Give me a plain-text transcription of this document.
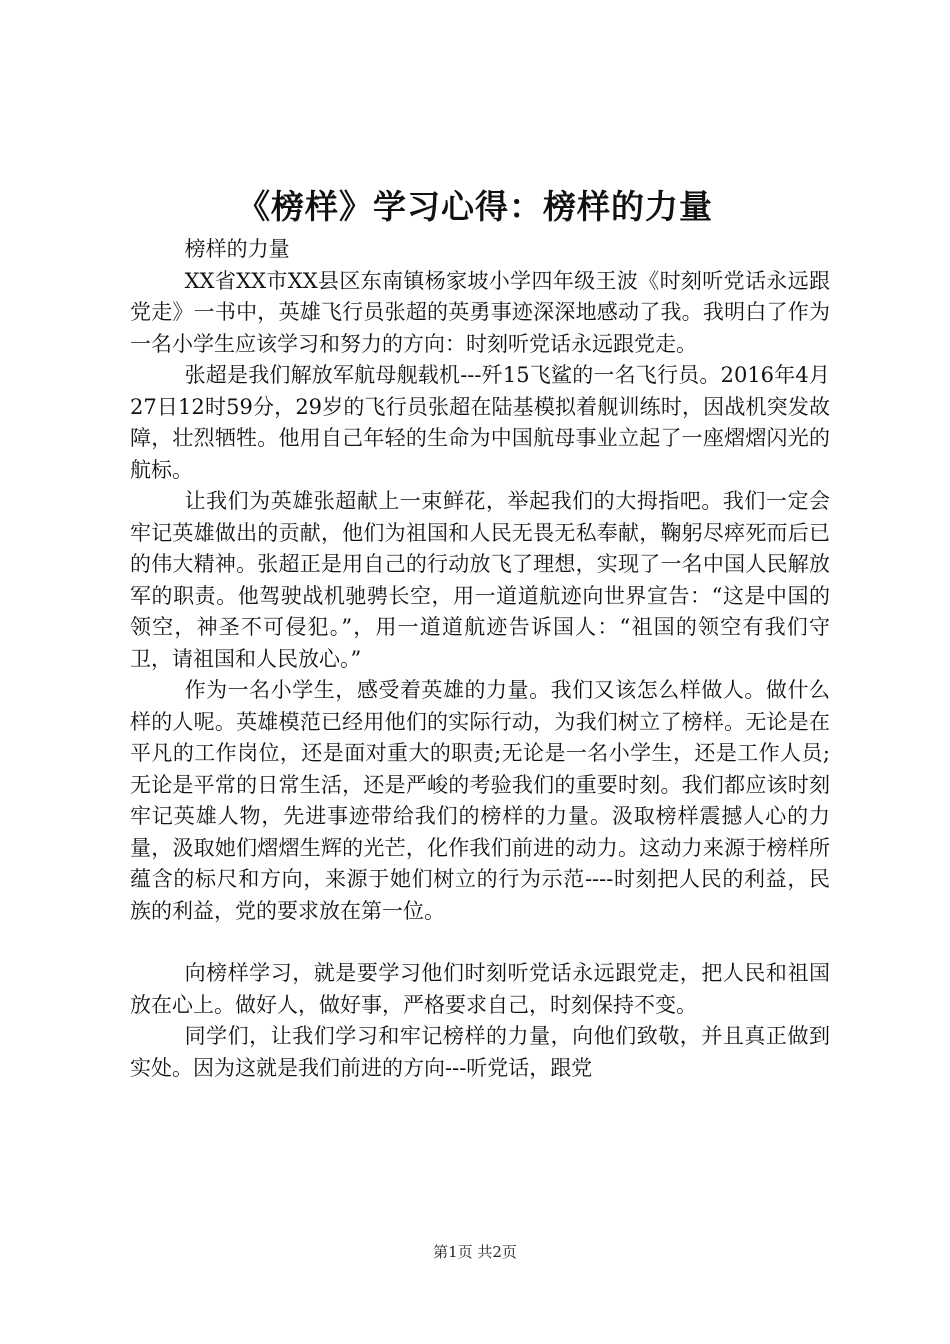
《榜样》学习心得：榜样的力量

榜样的力量

XX省XX市XX县区东南镇杨家坡小学四年级王波《时刻听党话永远跟党走》一书中，英雄飞行员张超的英勇事迹深深地感动了我。我明白了作为一名小学生应该学习和努力的方向：时刻听党话永远跟党走。

张超是我们解放军航母舰载机---歼15飞鲨的一名飞行员。2016年4月27日12时59分，29岁的飞行员张超在陆基模拟着舰训练时，因战机突发故障，壮烈牺牲。他用自己年轻的生命为中国航母事业立起了一座熠熠闪光的航标。

让我们为英雄张超献上一束鲜花，举起我们的大拇指吧。我们一定会牢记英雄做出的贡献，他们为祖国和人民无畏无私奉献，鞠躬尽瘁死而后已的伟大精神。张超正是用自己的行动放飞了理想，实现了一名中国人民解放军的职责。他驾驶战机驰骋长空，用一道道航迹向世界宣告：“这是中国的领空，神圣不可侵犯。”，用一道道航迹告诉国人：“祖国的领空有我们守卫，请祖国和人民放心。”

作为一名小学生，感受着英雄的力量。我们又该怎么样做人。做什么样的人呢。英雄模范已经用他们的实际行动，为我们树立了榜样。无论是在平凡的工作岗位，还是面对重大的职责;无论是一名小学生，还是工作人员;无论是平常的日常生活，还是严峻的考验我们的重要时刻。我们都应该时刻牢记英雄人物，先进事迹带给我们的榜样的力量。汲取榜样震撼人心的力量，汲取她们熠熠生辉的光芒，化作我们前进的动力。这动力来源于榜样所蕴含的标尺和方向，来源于她们树立的行为示范----时刻把人民的利益，民族的利益，党的要求放在第一位。

向榜样学习，就是要学习他们时刻听党话永远跟党走，把人民和祖国放在心上。做好人，做好事，严格要求自己，时刻保持不变。

同学们，让我们学习和牢记榜样的力量，向他们致敬，并且真正做到实处。因为这就是我们前进的方向---听党话，跟党

第1页 共2页
